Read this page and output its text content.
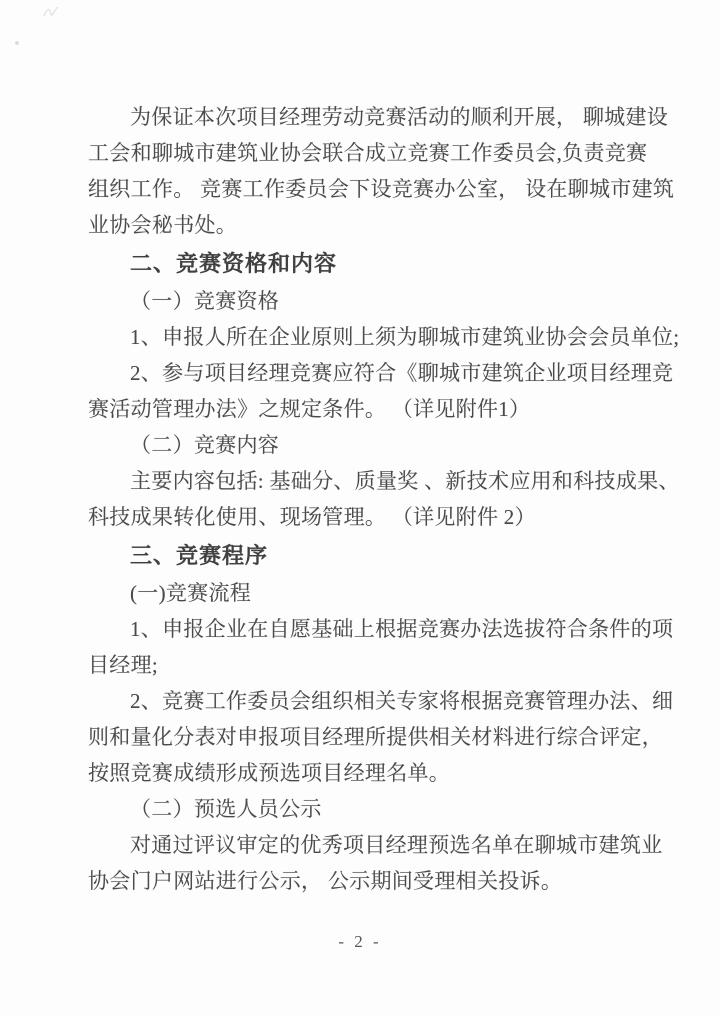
为保证本次项目经理劳动竞赛活动的顺利开展， 聊城建设
工会和聊城市建筑业协会联合成立竞赛工作委员会,负责竞赛
组织工作。 竞赛工作委员会下设竞赛办公室， 设在聊城市建筑
业协会秘书处。
二、竞赛资格和内容
（一）竞赛资格
1、申报人所在企业原则上须为聊城市建筑业协会会员单位;
2、参与项目经理竞赛应符合《聊城市建筑企业项目经理竞
赛活动管理办法》之规定条件。 （详见附件1）
（二）竞赛内容
主要内容包括: 基础分、质量奖 、新技术应用和科技成果、
科技成果转化使用、现场管理。 （详见附件 2）
三、竞赛程序
(一)竞赛流程
1、申报企业在自愿基础上根据竞赛办法选拔符合条件的项
目经理;
2、竞赛工作委员会组织相关专家将根据竞赛管理办法、细
则和量化分表对申报项目经理所提供相关材料进行综合评定，
按照竞赛成绩形成预选项目经理名单。
（二）预选人员公示
对通过评议审定的优秀项目经理预选名单在聊城市建筑业
协会门户网站进行公示， 公示期间受理相关投诉。
- 2 -
